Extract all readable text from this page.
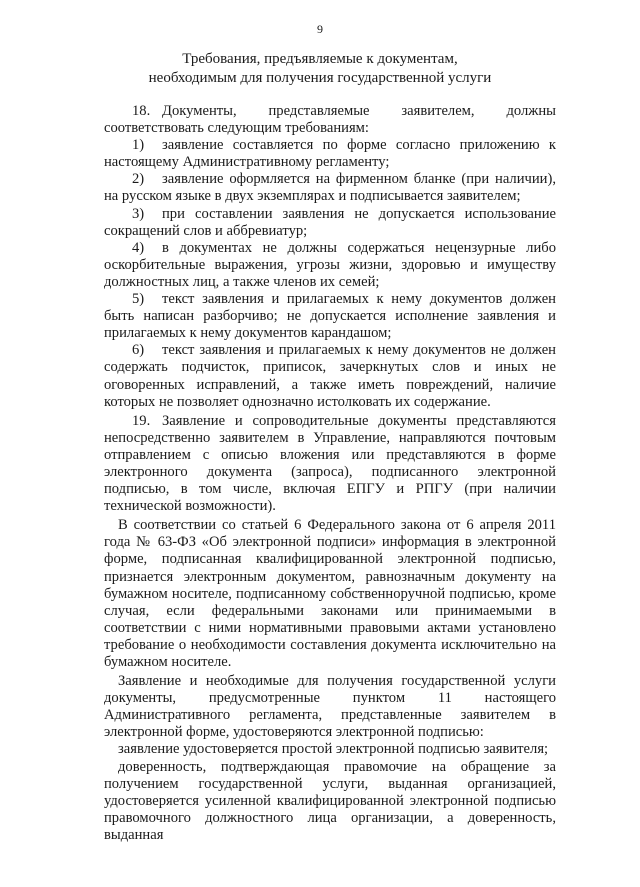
9
Требования, предъявляемые к документам,
необходимым для получения государственной услуги

18. Документы, представляемые заявителем, должны соответствовать следующим требованиям:

1) заявление составляется по форме согласно приложению к настоящему Административному регламенту;

2) заявление оформляется на фирменном бланке (при наличии), на русском языке в двух экземплярах и подписывается заявителем;

3) при составлении заявления не допускается использование сокращений слов и аббревиатур;

4) в документах не должны содержаться нецензурные либо оскорбительные выражения, угрозы жизни, здоровью и имуществу должностных лиц, а также членов их семей;

5) текст заявления и прилагаемых к нему документов должен быть написан разборчиво; не допускается исполнение заявления и прилагаемых к нему документов карандашом;

6) текст заявления и прилагаемых к нему документов не должен содержать подчисток, приписок, зачеркнутых слов и иных не оговоренных исправлений, а также иметь повреждений, наличие которых не позволяет однозначно истолковать их содержание.

19. Заявление и сопроводительные документы представляются непосредственно заявителем в Управление, направляются почтовым отправлением с описью вложения или представляются в форме электронного документа (запроса), подписанного электронной подписью, в том числе, включая ЕПГУ и РПГУ (при наличии технической возможности).

В соответствии со статьей 6 Федерального закона от 6 апреля 2011 года № 63-ФЗ «Об электронной подписи» информация в электронной форме, подписанная квалифицированной электронной подписью, признается электронным документом, равнозначным документу на бумажном носителе, подписанному собственноручной подписью, кроме случая, если федеральными законами или принимаемыми в соответствии с ними нормативными правовыми актами установлено требование о необходимости составления документа исключительно на бумажном носителе.

Заявление и необходимые для получения государственной услуги документы, предусмотренные пунктом 11 настоящего Административного регламента, представленные заявителем в электронной форме, удостоверяются электронной подписью:

заявление удостоверяется простой электронной подписью заявителя;

доверенность, подтверждающая правомочие на обращение за получением государственной услуги, выданная организацией, удостоверяется усиленной квалифицированной электронной подписью правомочного должностного лица организации, а доверенность, выданная
